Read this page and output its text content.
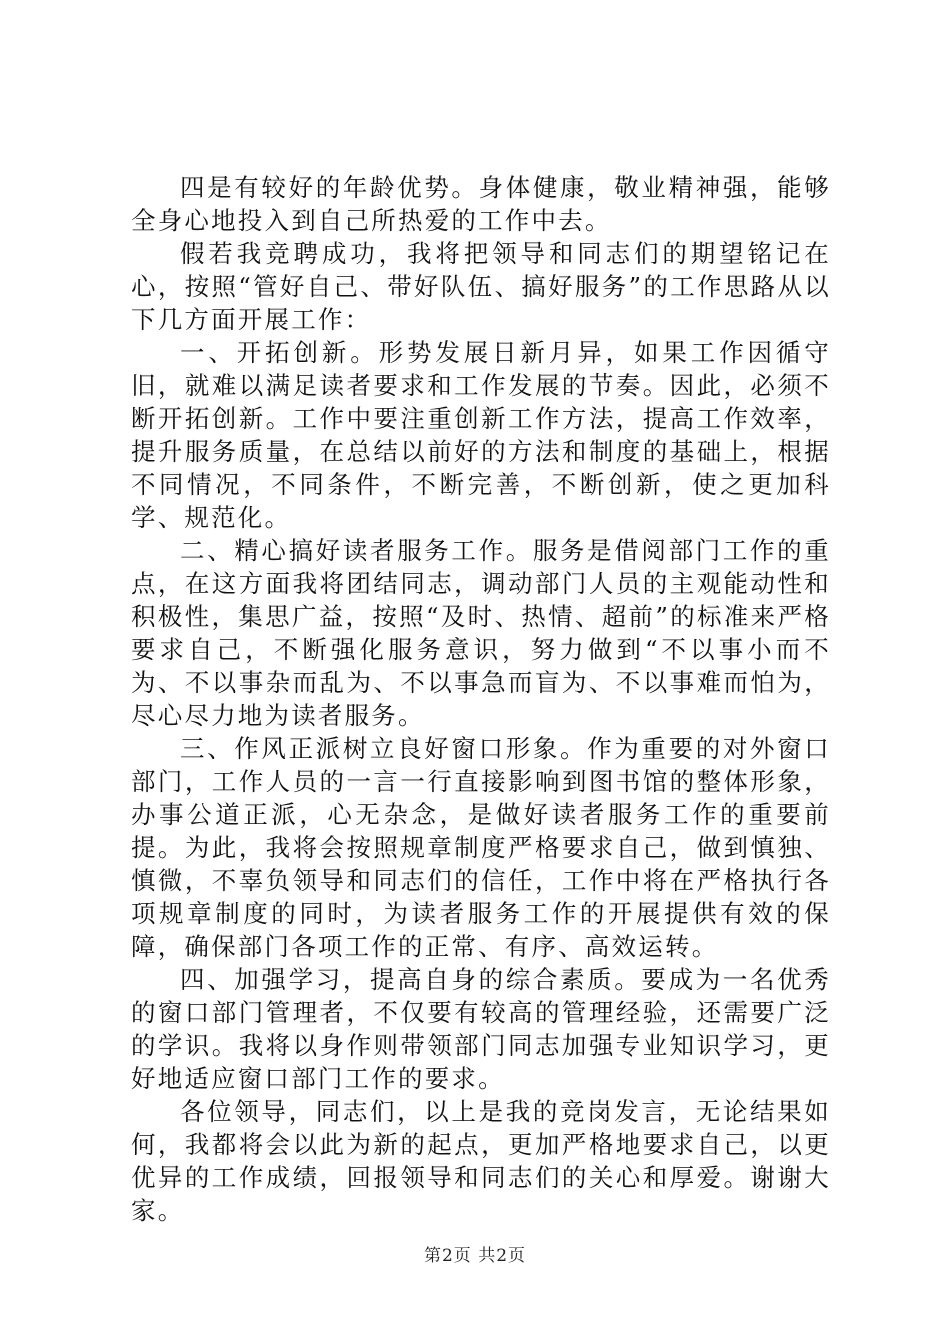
四是有较好的年龄优势。身体健康，敬业精神强，能够全身心地投入到自己所热爱的工作中去。

假若我竞聘成功，我将把领导和同志们的期望铭记在心，按照“管好自己、带好队伍、搞好服务”的工作思路从以下几方面开展工作：

一、开拓创新。形势发展日新月异，如果工作因循守旧，就难以满足读者要求和工作发展的节奏。因此，必须不断开拓创新。工作中要注重创新工作方法，提高工作效率，提升服务质量，在总结以前好的方法和制度的基础上，根据不同情况，不同条件，不断完善，不断创新，使之更加科学、规范化。

二、精心搞好读者服务工作。服务是借阅部门工作的重点，在这方面我将团结同志，调动部门人员的主观能动性和积极性，集思广益，按照“及时、热情、超前”的标准来严格要求自己，不断强化服务意识，努力做到“不以事小而不为、不以事杂而乱为、不以事急而盲为、不以事难而怕为，尽心尽力地为读者服务。

三、作风正派树立良好窗口形象。作为重要的对外窗口部门，工作人员的一言一行直接影响到图书馆的整体形象，办事公道正派，心无杂念，是做好读者服务工作的重要前提。为此，我将会按照规章制度严格要求自己，做到慎独、慎微，不辜负领导和同志们的信任，工作中将在严格执行各项规章制度的同时，为读者服务工作的开展提供有效的保障，确保部门各项工作的正常、有序、高效运转。

四、加强学习，提高自身的综合素质。要成为一名优秀的窗口部门管理者，不仅要有较高的管理经验，还需要广泛的学识。我将以身作则带领部门同志加强专业知识学习，更好地适应窗口部门工作的要求。

各位领导，同志们，以上是我的竞岗发言，无论结果如何，我都将会以此为新的起点，更加严格地要求自己，以更优异的工作成绩，回报领导和同志们的关心和厚爱。谢谢大家。

第2页 共2页
